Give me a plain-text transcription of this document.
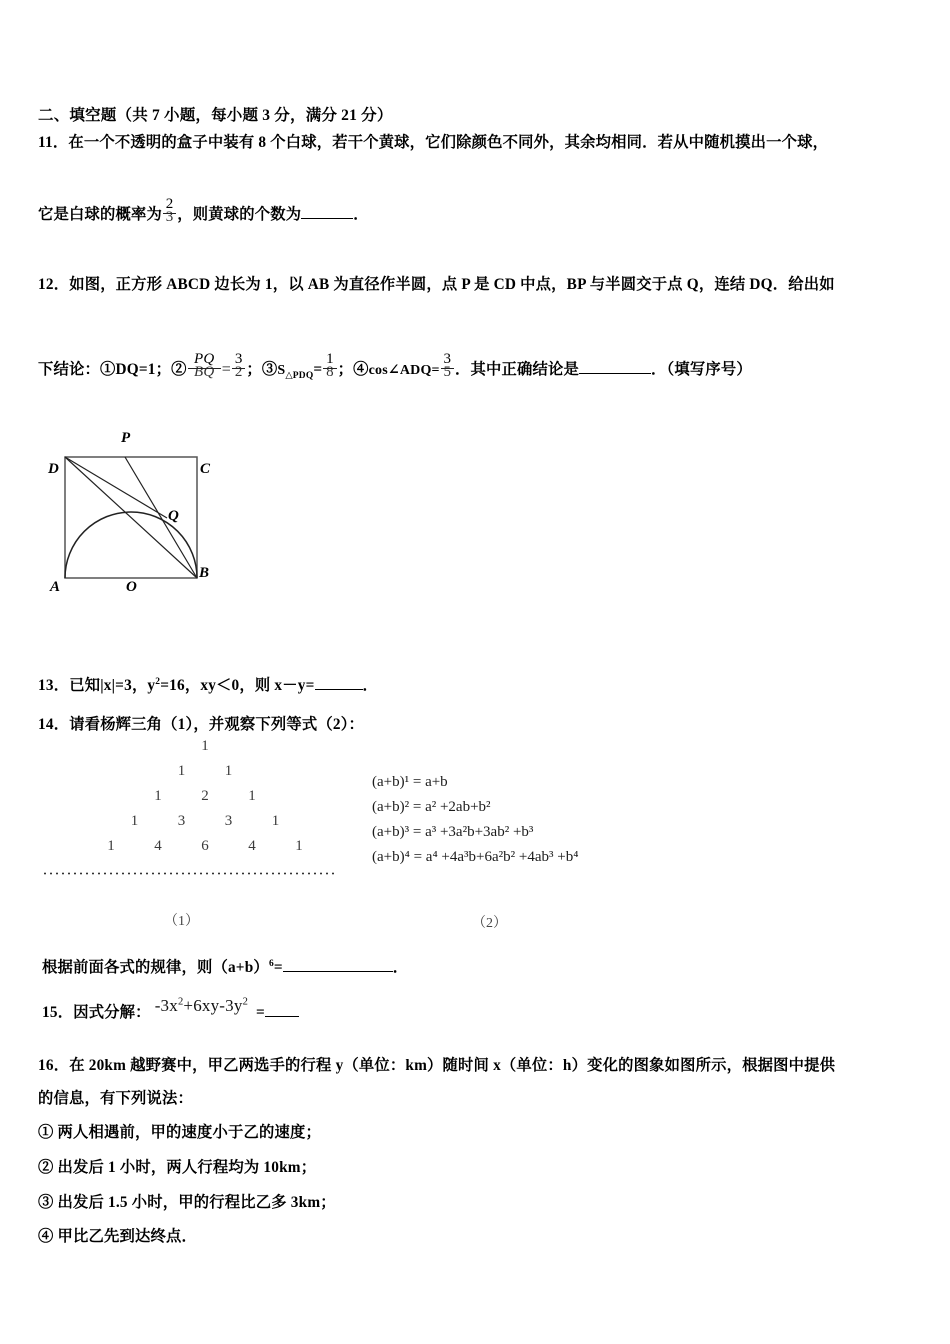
二、填空题（共 7 小题，每小题 3 分，满分 21 分）
11．在一个不透明的盒子中装有 8 个白球，若干个黄球，它们除颜色不同外，其余均相同．若从中随机摸出一个球，
它是白球的概率为 $\frac{2}{3}$，则黄球的个数为	．
12．如图，正方形 ABCD 边长为 1，以 AB 为直径作半圆，点 P 是 CD 中点，BP 与半圆交于点 Q，连结 DQ．给出如
下结论：①DQ=1；② $\frac{PQ}{BQ}= \frac{3}{2}$；$③S_{\triangle PDQ}= \frac{1}{8}$；④cos∠ADQ= $\frac{3}{5}$．其中正确结论是	．（填写序号）
D	C
P
Q
A
B
O
13．已知|x|=3，$y^2=16$，xy＜0，则 x－y=	．
14．请看杨辉三角（1），并观察下列等式（2）：
1
1	1
1	2	1
1	3	3	1
1	4	6	4	1
(a+b)¹ = a+b
(a+b)² = a² +2ab+b²
(a+b)³ = a³ +3a²b+3ab² +b³
(a+b)⁴ = a⁴ +4a³b+6a²b² +4ab³ +b⁴
（1）	（2）
根据前面各式的规律，则$(a+b)^6=$	．
15．因式分解： $-3x^2+6xy-3y^2=$
16．在 20km 越野赛中，甲乙两选手的行程 y（单位：km）随时间 x（单位：h）变化的图象如图所示，根据图中提供
的信息，有下列说法：
① 两人相遇前，甲的速度小于乙的速度；
② 出发后 1 小时，两人行程均为 10km；
③ 出发后 1.5 小时，甲的行程比乙多 3km；
④ 甲比乙先到达终点．
